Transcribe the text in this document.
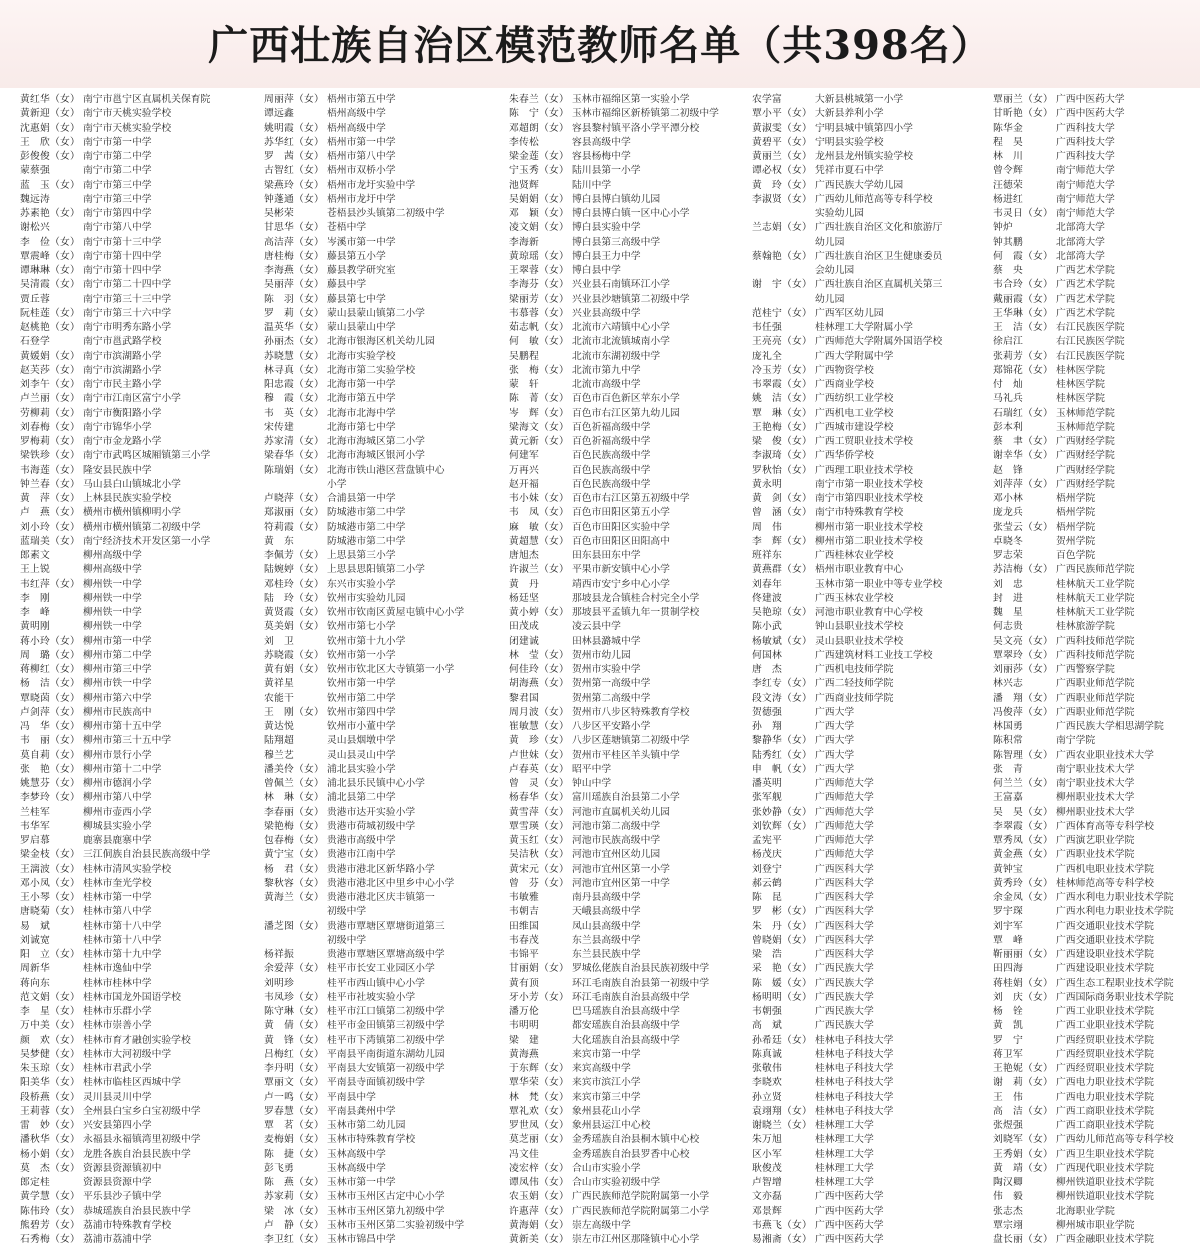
广西壮族自治区模范教师名单（共398名）
黄红华（女） 南宁市邕宁区直属机关保育院
黄新迎（女） 南宁市天桃实验学校
沈惠娟（女） 南宁市天桃实验学校
王　欣（女） 南宁市第一中学
彭俊俊（女） 南宁市第二中学
蒙蔡强	南宁市第二中学
蓝　玉（女） 南宁市第三中学
魏远涛	南宁市第三中学
苏素艳（女） 南宁市第四中学
谢松兴	南宁市第八中学
李　俭（女） 南宁市第十三中学
覃震峰（女） 南宁市第十四中学
谭琳琳（女） 南宁市第十四中学
吴清霞（女） 南宁市第二十四中学
贾丘蓉	南宁市第三十三中学
阮桂莲（女） 南宁市第三十六中学
赵桃艳（女） 南宁市明秀东路小学
石登学	南宁市邕武路学校
黄媛娟（女） 南宁市滨湖路小学
赵芙莎（女） 南宁市滨湖路小学
刘李午（女） 南宁市民主路小学
卢兰丽（女） 南宁市江南区富宁小学
劳柳莉（女） 南宁市衡阳路小学
刘春梅（女） 南宁市锦华小学
罗梅莉（女） 南宁市金龙路小学
梁铁珍（女） 南宁市武鸣区城厢镇第三小学
韦海莲（女） 隆安县民族中学
钟兰春（女） 马山县白山镇城北小学
黄　萍（女） 上林县民族实验学校
卢　燕（女） 横州市横州镇柳明小学
刘小玲（女） 横州市横州镇第二初级中学
蓝瑞美（女） 南宁经济技术开发区第一小学
郎素文	柳州高级中学
王上锐	柳州高级中学
韦红萍（女） 柳州铁一中学
李　刚	柳州铁一中学
李　峰	柳州铁一中学
黄明刚	柳州铁一中学
蒋小玲（女） 柳州市第一中学
周　璐（女） 柳州市第二中学
蒋柳红（女） 柳州市第三中学
杨　洁（女） 柳州市铁一中学
覃晓茵（女） 柳州市第六中学
卢剑萍（女） 柳州市民族高中
冯　华（女） 柳州市第十五中学
韦　丽（女） 柳州市第三十五中学
莫自莉（女） 柳州市景行小学
张　艳（女） 柳州市第十二中学
姚慧芬（女） 柳州市德润小学
李梦玲（女） 柳州市第八中学
兰桂军	柳州市壶西小学
韦华军	柳城县实验小学
罗启慕	鹿寨县鹿寨中学
梁金枝（女） 三江侗族自治县民族高级中学
王漓波（女） 桂林市清风实验学校
邓小凤（女） 桂林市奎光学校
王小琴（女） 桂林市第一中学
唐晓菊（女） 桂林市第八中学
易　斌	桂林市第十八中学
刘诚宽	桂林市第十八中学
阳　立（女） 桂林市第十九中学
周新华	桂林市逸仙中学
蒋向东	桂林市桂林中学
范文娟（女） 桂林市国龙外国语学校
李　星（女） 桂林市乐群小学
万中美（女） 桂林市崇善小学
颜　欢（女） 桂林市育才融创实验学校
吴梦健（女） 桂林市大河初级中学
朱玉琼（女） 桂林市君武小学
阳美华（女） 桂林市临桂区西城中学
段桥燕（女） 灵川县灵川中学
王莉蓉（女） 全州县白宝乡白宝初级中学
雷　妙（女） 兴安县第四小学
潘秋华（女） 永福县永福镇湾里初级中学
杨小娟（女） 龙胜各族自治县民族中学
莫　杰（女） 资源县资源镇初中
郎定桂	资源县资源中学
黄学慧（女） 平乐县沙子镇中学
陈伟玲（女） 恭城瑶族自治县民族中学
熊碧芳（女） 荔浦市特殊教育学校
石秀梅（女） 荔浦市荔浦中学
周丽萍（女） 梧州市第五中学
谭远鑫	梧州高级中学
姚明霞（女） 梧州高级中学
苏华红（女） 梧州市第一中学
罗　茜（女） 梧州市第八中学
古智红（女） 梧州市双桥小学
梁燕玲（女） 梧州市龙圩实验中学
钟蓬通（女） 梧州市龙圩中学
吴彬荣	苍梧县沙头镇第二初级中学
甘思华（女） 苍梧中学
高洁萍（女） 岑溪市第一中学
唐桂梅（女） 藤县第五小学
李海燕（女） 藤县教学研究室
吴丽萍（女） 藤县中学
陈　羽（女） 藤县第七中学
罗　莉（女） 蒙山县蒙山镇第二小学
温英华（女） 蒙山县蒙山中学
孙丽杰（女） 北海市银海区机关幼儿园
苏晓慧（女） 北海市实验学校
林寻真（女） 北海市第二实验学校
阳忠霞（女） 北海市第一中学
穆　霞（女） 北海市第五中学
韦　英（女） 北海市北海中学
宋传建	北海市第七中学
苏家清（女） 北海市海城区第二小学
梁春华（女） 北海市海城区银河小学
陈瑞娟（女） 北海市铁山港区营盘镇中心
小学
卢晓萍（女） 合浦县第一中学
郑淑丽（女） 防城港市第二中学
符莉霞（女） 防城港市第二中学
黄　东	防城港市第二中学
李佩芳（女） 上思县第三小学
陆婉婷（女） 上思县思阳镇第二小学
邓桂玲（女） 东兴市实验小学
陆　玲（女） 钦州市实验幼儿园
黄贤霞（女） 钦州市钦南区黄屋屯镇中心小学
莫美娟（女） 钦州市第七小学
刘　卫	钦州市第十九小学
苏晓霞（女） 钦州市第一小学
黄有娟（女） 钦州市钦北区大寺镇第一小学
黄祥星	钦州市第一中学
农能干	钦州市第二中学
王　刚（女） 钦州市第四中学
黄达悦	钦州市小董中学
陆翔超	灵山县烟墩中学
穆兰艺	灵山县灵山中学
潘美伶（女） 浦北县实验小学
曾佩兰（女） 浦北县乐民镇中心小学
林　琳（女） 浦北县第二中学
李春丽（女） 贵港市达开实验小学
梁艳梅（女） 贵港市荷城初级中学
包春梅（女） 贵港市高级中学
黄宁宝（女） 贵港市江南中学
杨　君（女） 贵港市港北区新华路小学
黎秋容（女） 贵港市港北区中里乡中心小学
黄海兰（女） 贵港市港北区庆丰镇第一
初级中学
潘芝图（女） 贵港市覃塘区覃塘街道第三
初级中学
杨祥振	贵港市覃塘区覃塘高级中学
余爱萍（女） 桂平市长安工业园区小学
刘明珍	桂平市西山镇中心小学
韦凤珍（女） 桂平市社坡实验小学
陈守琳（女） 桂平市江口镇第二初级中学
黄　倩（女） 桂平市金田镇第三初级中学
黄　锋（女） 桂平市下湾镇第二初级中学
吕梅红（女） 平南县平南街道东湖幼儿园
李丹明（女） 平南县大安镇第一初级中学
覃丽文（女） 平南县寺面镇初级中学
卢一鸣（女） 平南县中学
罗春慧（女） 平南县龚州中学
覃　茗（女） 玉林市第二幼儿园
麦梅娟（女） 玉林市特殊教育学校
陈　捷（女） 玉林高级中学
彭飞勇	玉林高级中学
陈　燕（女） 玉林市第一中学
苏家莉（女） 玉林市玉州区古定中心小学
梁　冰（女） 玉林市玉州区第九初级中学
卢　静（女） 玉林市玉州区第二实验初级中学
李卫红（女） 玉林市锦昌中学
朱春兰（女） 玉林市福绵区第一实验小学
陈　宁（女） 玉林市福绵区新桥镇第二初级中学
邓超朗（女） 容县黎村镇平洛小学平潭分校
李传松	容县高级中学
梁金莲（女） 容县杨梅中学
宁玉秀（女） 陆川县第一小学
池贤辉	陆川中学
吴娟娟（女） 博白县博白镇幼儿园
邓　颖（女） 博白县博白镇一区中心小学
凌文娟（女） 博白县实验中学
李海新	博白县第三高级中学
黄琼瑶（女） 博白县王力中学
王翠蓉（女） 博白县中学
李海芬（女） 兴业县石南镇环江小学
梁丽芳（女） 兴业县沙塘镇第二初级中学
韦慕蓉（女） 兴业县高级中学
茹志帆（女） 北流市六靖镇中心小学
何　敏（女） 北流市北流镇城南小学
吴鹏程	北流市东湖初级中学
张　梅（女） 北流市第九中学
蒙　轩	北流市高级中学
陈　菁（女） 百色市百色新区苹东小学
岑　辉（女） 百色市右江区第九幼儿园
梁海文（女） 百色祈福高级中学
黄元新（女） 百色祈福高级中学
何建军	百色民族高级中学
万再兴	百色民族高级中学
赵开福	百色民族高级中学
韦小妹（女） 百色市右江区第五初级中学
韦　凤（女） 百色市田阳区第五小学
麻　敏（女） 百色市田阳区实验中学
黄超慧（女） 百色市田阳区田阳高中
唐旭杰	田东县田东中学
许淑兰（女） 平果市新安镇中心小学
黄　丹	靖西市安宁乡中心小学
杨廷坚	那坡县龙合镇桂合村完全小学
黄小婷（女） 那坡县平孟镇九年一贯制学校
田茂成	凌云县中学
闭建诚	田林县潞城中学
林　莹（女） 贺州市幼儿园
何佳玲（女） 贺州市实验中学
胡海燕（女） 贺州第一高级中学
黎君国	贺州第二高级中学
周月波（女） 贺州市八步区特殊教育学校
崔敏慧（女） 八步区平安路小学
黄　珍（女） 八步区莲塘镇第二初级中学
卢世妹（女） 贺州市平桂区羊头镇中学
卢春英（女） 昭平中学
曾　灵（女） 钟山中学
杨春华（女） 富川瑶族自治县第二小学
黄雪萍（女） 河池市直属机关幼儿园
覃雪瑛（女） 河池市第二高级中学
黄玉红（女） 河池市民族高级中学
吴洁秋（女） 河池市宜州区幼儿园
黄宋元（女） 河池市宜州区第一小学
曾　芬（女） 河池市宜州区第一中学
韦敏雅	南丹县高级中学
韦朝吉	天峨县高级中学
田维国	凤山县高级中学
韦春茂	东兰县高级中学
韦锦平	东兰县民族中学
甘丽娟（女） 罗城仫佬族自治县民族初级中学
黄有顶	环江毛南族自治县第一初级中学
牙小芳（女） 环江毛南族自治县高级中学
潘万伦	巴马瑶族自治县高级中学
韦明明	都安瑶族自治县高级中学
梁　建	大化瑶族自治县高级中学
黄海燕	来宾市第一中学
于东辉（女） 来宾高级中学
覃华荣（女） 来宾市滨江小学
林　梵（女） 来宾市第三中学
覃礼欢（女） 象州县花山小学
罗世凤（女） 象州县运江中心校
莫芝丽（女） 金秀瑶族自治县桐木镇中心校
冯文佳	金秀瑶族自治县罗香中心校
凌宏梓（女） 合山市实验小学
谭凤伟（女） 合山市实验初级中学
农玉娟（女） 广西民族师范学院附属第一小学
许惠萍（女） 广西民族师范学院附属第二小学
黄海娟（女） 崇左高级中学
黄新美（女） 崇左市江州区那隆镇中心小学
农学富	大新县桃城第一小学
覃小平（女） 大新县养利小学
黄淑雯（女） 宁明县城中镇第四小学
黄碧平（女） 宁明县实验学校
黄丽兰（女） 龙州县龙州镇实验学校
谭必权（女） 凭祥市夏石中学
黄　玲（女） 广西民族大学幼儿园
李淑贤（女） 广西幼儿师范高等专科学校
实验幼儿园
兰志娟（女） 广西壮族自治区文化和旅游厅
幼儿园
蔡翰艳（女） 广西壮族自治区卫生健康委员
会幼儿园
谢　宇（女） 广西壮族自治区直属机关第三
幼儿园
范桂宁（女） 广西军区幼儿园
韦任强	桂林理工大学附属小学
王亮亮（女） 广西师范大学附属外国语学校
庞礼全	广西大学附属中学
冷玉芳（女） 广西物资学校
韦翠霞（女） 广西商业学校
姚　洁（女） 广西纺织工业学校
覃　琳（女） 广西机电工业学校
王艳梅（女） 广西城市建设学校
梁　俊（女） 广西工贸职业技术学校
李淑琦（女） 广西华侨学校
罗秋怡（女） 广西理工职业技术学校
黄永明	南宁市第一职业技术学校
黄　剑（女） 南宁市第四职业技术学校
曾　涵（女） 南宁市特殊教育学校
周　伟	柳州市第一职业技术学校
李　辉（女） 柳州市第二职业技术学校
班祥东	广西桂林农业学校
黄燕群（女） 梧州市职业教育中心
刘春年	玉林市第一职业中等专业学校
佟建波	广西玉林农业学校
吴艳琼（女） 河池市职业教育中心学校
陈小武	钟山县职业技术学校
杨敏斌（女） 灵山县职业技术学校
何国林	广西建筑材料工业技工学校
唐　杰	广西机电技师学院
李红专（女） 广西二轻技师学院
段文涛（女） 广西商业技师学院
贺德强	广西大学
孙　翔	广西大学
黎静华（女） 广西大学
陆秀红（女） 广西大学
申　帆（女） 广西大学
潘英明	广西师范大学
张军舰	广西师范大学
张妙静（女） 广西师范大学
刘钦辉（女） 广西师范大学
孟宪平	广西师范大学
杨茂庆	广西师范大学
刘登宁	广西医科大学
郝云鹤	广西医科大学
陈　昆	广西医科大学
罗　彬（女） 广西医科大学
朱　丹（女） 广西医科大学
曾晓娟（女） 广西医科大学
梁　浩	广西医科大学
采　艳（女） 广西民族大学
陈　媛（女） 广西民族大学
杨明明（女） 广西民族大学
韦朝强	广西民族大学
高　斌	广西民族大学
孙希廷（女） 桂林电子科技大学
陈真诚	桂林电子科技大学
张敬伟	桂林电子科技大学
李晓欢	桂林电子科技大学
孙立贤	桂林电子科技大学
袁翊翔（女） 桂林电子科技大学
谢晓兰（女） 桂林理工大学
朱万旭	桂林理工大学
区小军	桂林理工大学
耿俊茂	桂林理工大学
卢智增	桂林理工大学
文亦磊	广西中医药大学
邓景辉	广西中医药大学
韦燕飞（女） 广西中医药大学
易湘斋（女） 广西中医药大学
覃丽兰（女） 广西中医药大学
甘昕艳（女） 广西中医药大学
陈华金	广西科技大学
程　昊	广西科技大学
林　川	广西科技大学
曾令辉	南宁师范大学
汪德荣	南宁师范大学
杨进红	南宁师范大学
韦灵日（女） 南宁师范大学
钟炉	北部湾大学
钟其鹏	北部湾大学
何　霞（女） 北部湾大学
蔡　央	广西艺术学院
韦合玲（女） 广西艺术学院
戴丽霞（女） 广西艺术学院
王华琳（女） 广西艺术学院
王　洁（女） 右江民族医学院
徐启江	右江民族医学院
张莉芳（女） 右江民族医学院
郑锦花（女） 桂林医学院
付　灿	桂林医学院
马礼兵	桂林医学院
石瑞红（女） 玉林师范学院
彭本利	玉林师范学院
蔡　聿（女） 广西财经学院
谢幸华（女） 广西财经学院
赵　锋	广西财经学院
刘萍萍（女） 广西财经学院
邓小林	梧州学院
庞龙兵	梧州学院
张莹云（女） 梧州学院
卓晓冬	贺州学院
罗志荣	百色学院
苏洁梅（女） 广西民族师范学院
刘　忠	桂林航天工业学院
封　进	桂林航天工业学院
魏　星	桂林航天工业学院
何志贵	桂林旅游学院
吴文亮（女） 广西科技师范学院
覃翠玲（女） 广西科技师范学院
刘丽莎（女） 广西警察学院
林兴志	广西职业师范学院
潘　翔（女） 广西职业师范学院
冯俊萍（女） 广西职业师范学院
林国勇	广西民族大学相思湖学院
陈积常	南宁学院
陈智理（女） 广西农业职业技术大学
张　青	南宁职业技术大学
何兰兰（女） 南宁职业技术大学
王富嘉	柳州职业技术大学
吴　昊（女） 柳州职业技术大学
李翠霞（女） 广西体育高等专科学校
覃秀凤（女） 广西演艺职业学院
黄金燕（女） 广西职业技术学院
黄钟宝	广西机电职业技术学院
黄秀玲（女） 桂林师范高等专科学校
余金凤（女） 广西水利电力职业技术学院
罗宇琛	广西水利电力职业技术学院
刘宇军	广西交通职业技术学院
覃　峰	广西交通职业技术学院
靳丽丽（女） 广西建设职业技术学院
田四海	广西建设职业技术学院
蒋桂娟（女） 广西生态工程职业技术学院
刘　庆（女） 广西国际商务职业技术学院
杨　铨	广西工业职业技术学院
黄　凯	广西工业职业技术学院
罗　宁	广西经贸职业技术学院
蒋卫军	广西经贸职业技术学院
王艳妮（女） 广西经贸职业技术学院
谢　莉（女） 广西电力职业技术学院
王　伟	广西电力职业技术学院
高　洁（女） 广西工商职业技术学院
张煜强	广西工商职业技术学院
刘晓军（女） 广西幼儿师范高等专科学校
王秀娟（女） 广西卫生职业技术学院
黄　靖（女） 广西现代职业技术学院
陶汉卿	柳州铁道职业技术学院
伟　毅	柳州铁道职业技术学院
张志杰	北海职业学院
覃宗翊	柳州城市职业学院
盘长丽（女） 广西金融职业技术学院
